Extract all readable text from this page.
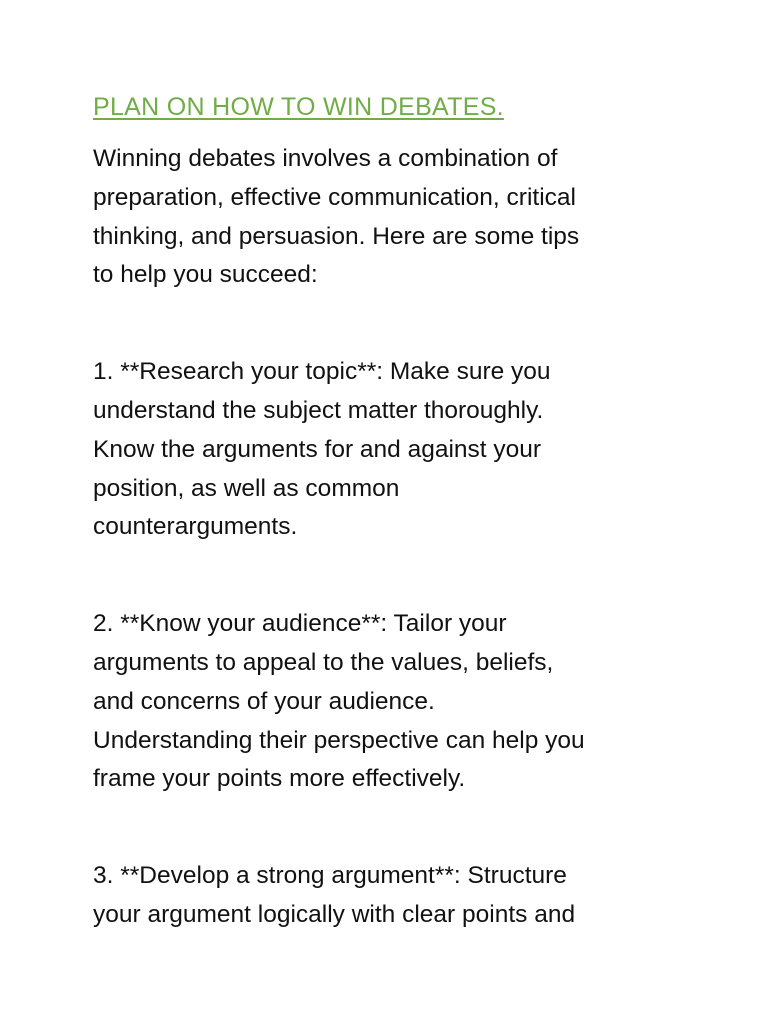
PLAN ON HOW TO WIN DEBATES.

Winning debates involves a combination of
preparation, effective communication, critical
thinking, and persuasion. Here are some tips
to help you succeed:

1. **Research your topic**: Make sure you
understand the subject matter thoroughly.
Know the arguments for and against your
position, as well as common
counterarguments.

2. **Know your audience**: Tailor your
arguments to appeal to the values, beliefs,
and concerns of your audience.
Understanding their perspective can help you
frame your points more effectively.

3. **Develop a strong argument**: Structure
your argument logically with clear points and
